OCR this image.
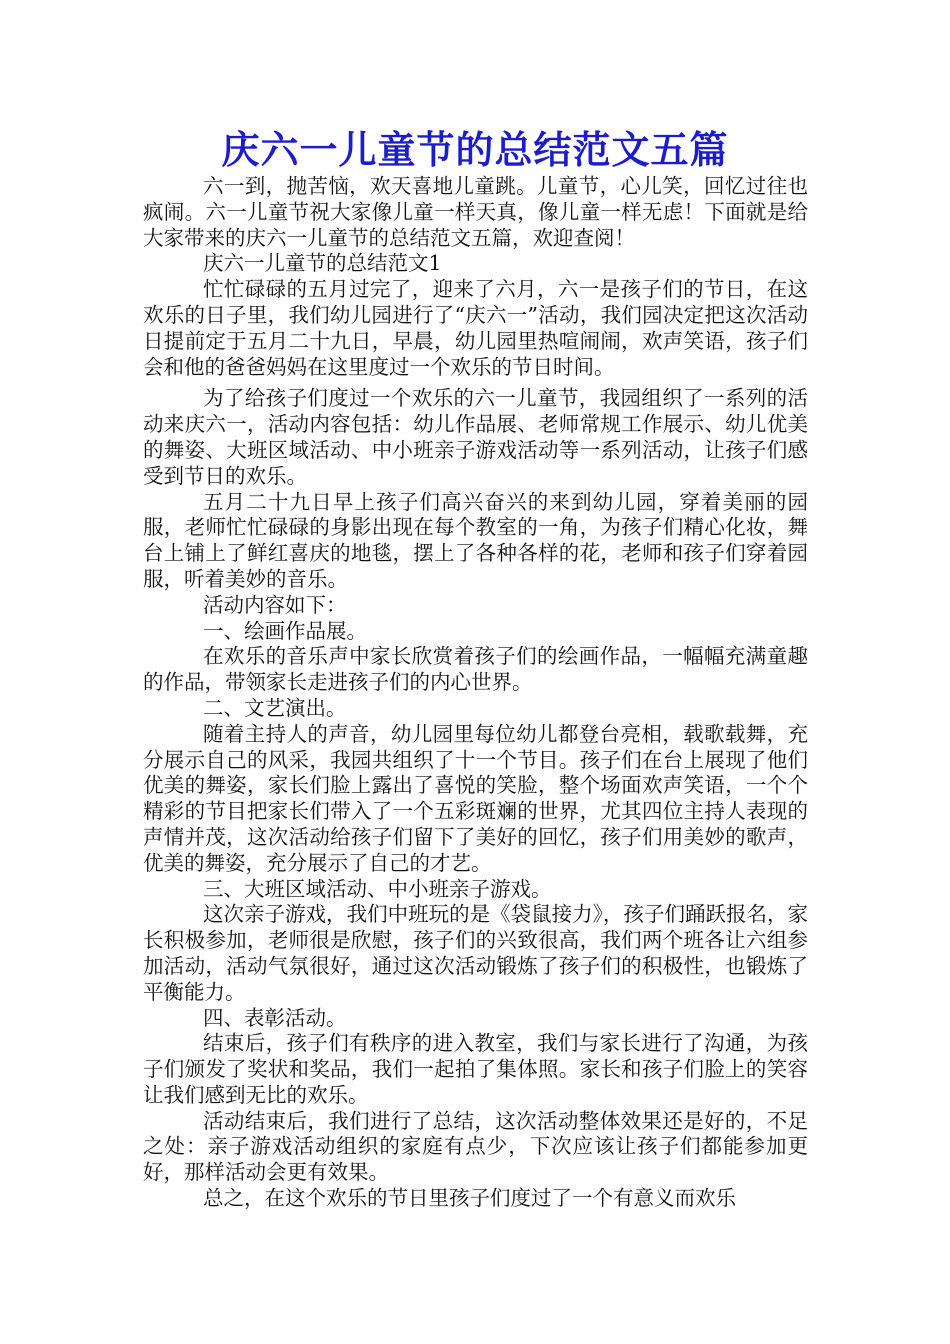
庆六一儿童节的总结范文五篇

六一到，抛苦恼，欢天喜地儿童跳。儿童节，心儿笑，回忆过往也疯闹。六一儿童节祝大家像儿童一样天真，像儿童一样无虑！下面就是给大家带来的庆六一儿童节的总结范文五篇，欢迎查阅！

庆六一儿童节的总结范文1

忙忙碌碌的五月过完了，迎来了六月，六一是孩子们的节日，在这欢乐的日子里，我们幼儿园进行了“庆六一”活动，我们园决定把这次活动日提前定于五月二十九日，早晨，幼儿园里热喧闹闹，欢声笑语，孩子们会和他的爸爸妈妈在这里度过一个欢乐的节日时间。

为了给孩子们度过一个欢乐的六一儿童节，我园组织了一系列的活动来庆六一，活动内容包括：幼儿作品展、老师常规工作展示、幼儿优美的舞姿、大班区域活动、中小班亲子游戏活动等一系列活动，让孩子们感受到节日的欢乐。

五月二十九日早上孩子们高兴奋兴的来到幼儿园，穿着美丽的园服，老师忙忙碌碌的身影出现在每个教室的一角，为孩子们精心化妆，舞台上铺上了鲜红喜庆的地毯，摆上了各种各样的花，老师和孩子们穿着园服，听着美妙的音乐。

活动内容如下：

一、绘画作品展。

在欢乐的音乐声中家长欣赏着孩子们的绘画作品，一幅幅充满童趣的作品，带领家长走进孩子们的内心世界。

二、文艺演出。

随着主持人的声音，幼儿园里每位幼儿都登台亮相，载歌载舞，充分展示自己的风采，我园共组织了十一个节目。孩子们在台上展现了他们优美的舞姿，家长们脸上露出了喜悦的笑脸，整个场面欢声笑语，一个个精彩的节目把家长们带入了一个五彩斑斓的世界，尤其四位主持人表现的声情并茂，这次活动给孩子们留下了美好的回忆，孩子们用美妙的歌声，优美的舞姿，充分展示了自己的才艺。

三、大班区域活动、中小班亲子游戏。

这次亲子游戏，我们中班玩的是《袋鼠接力》，孩子们踊跃报名，家长积极参加，老师很是欣慰，孩子们的兴致很高，我们两个班各让六组参加活动，活动气氛很好，通过这次活动锻炼了孩子们的积极性，也锻炼了平衡能力。

四、表彰活动。

结束后，孩子们有秩序的进入教室，我们与家长进行了沟通，为孩子们颁发了奖状和奖品，我们一起拍了集体照。家长和孩子们脸上的笑容让我们感到无比的欢乐。

活动结束后，我们进行了总结，这次活动整体效果还是好的，不足之处：亲子游戏活动组织的家庭有点少，下次应该让孩子们都能参加更好，那样活动会更有效果。

总之，在这个欢乐的节日里孩子们度过了一个有意义而欢乐
